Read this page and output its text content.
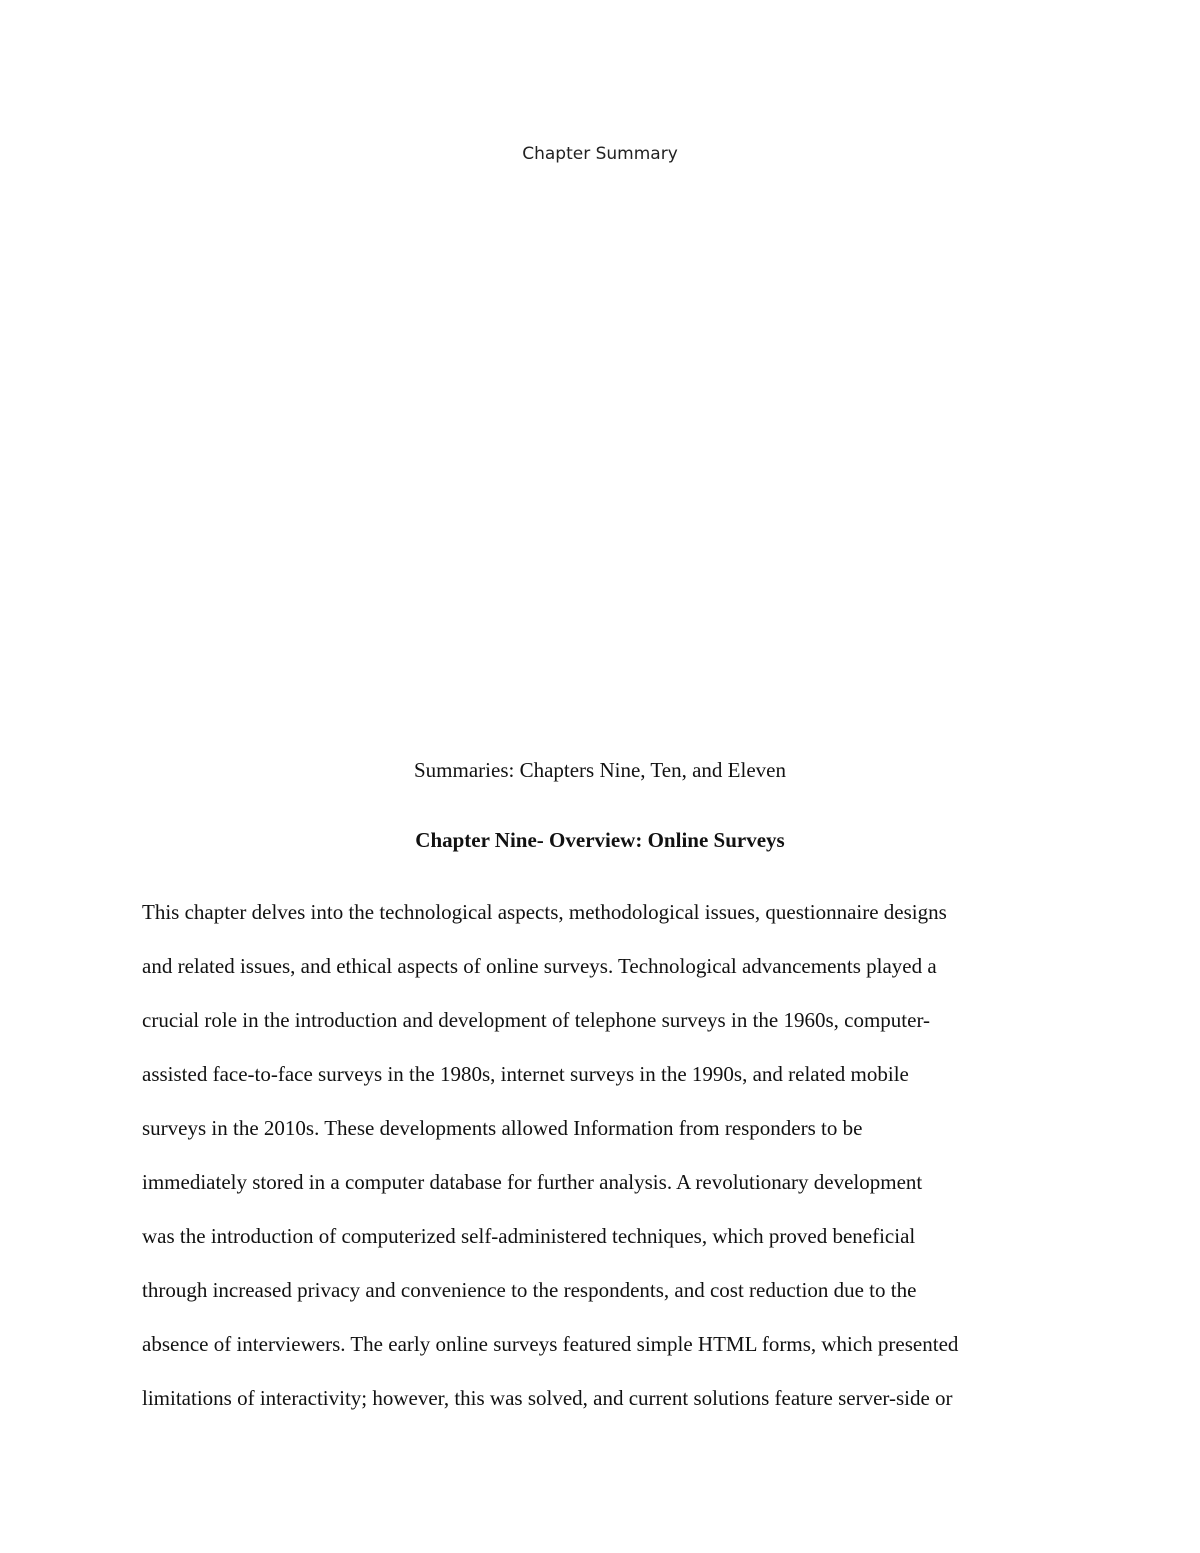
Chapter Summary
Summaries: Chapters Nine, Ten, and Eleven
Chapter Nine- Overview: Online Surveys
This chapter delves into the technological aspects, methodological issues, questionnaire designs
and related issues, and ethical aspects of online surveys. Technological advancements played a
crucial role in the introduction and development of telephone surveys in the 1960s, computer-
assisted face-to-face surveys in the 1980s, internet surveys in the 1990s, and related mobile
surveys in the 2010s. These developments allowed Information from responders to be
immediately stored in a computer database for further analysis. A revolutionary development
was the introduction of computerized self-administered techniques, which proved beneficial
through increased privacy and convenience to the respondents, and cost reduction due to the
absence of interviewers. The early online surveys featured simple HTML forms, which presented
limitations of interactivity; however, this was solved, and current solutions feature server-side or
